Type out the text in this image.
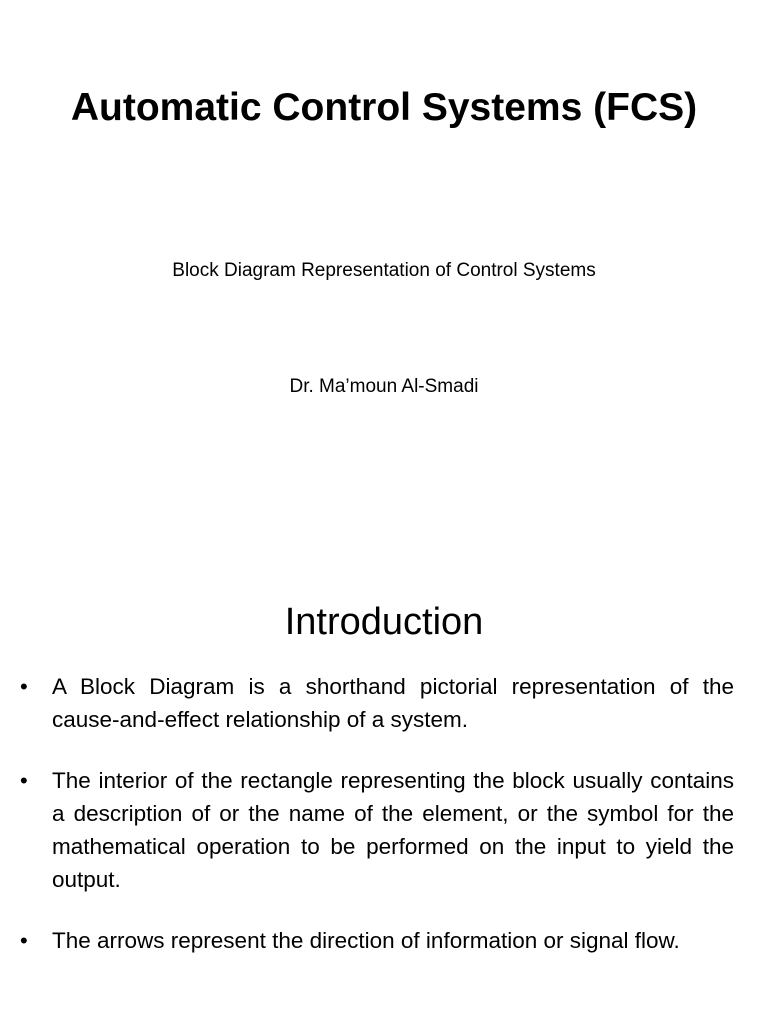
Automatic Control Systems (FCS)
Block Diagram Representation of Control Systems
Dr. Ma’moun Al-Smadi
Introduction
• A Block Diagram is a shorthand pictorial representation of the cause-and-effect relationship of a system.
• The interior of the rectangle representing the block usually contains a description of or the name of the element, or the symbol for the mathematical operation to be performed on the input to yield the output.
• The arrows represent the direction of information or signal flow.
